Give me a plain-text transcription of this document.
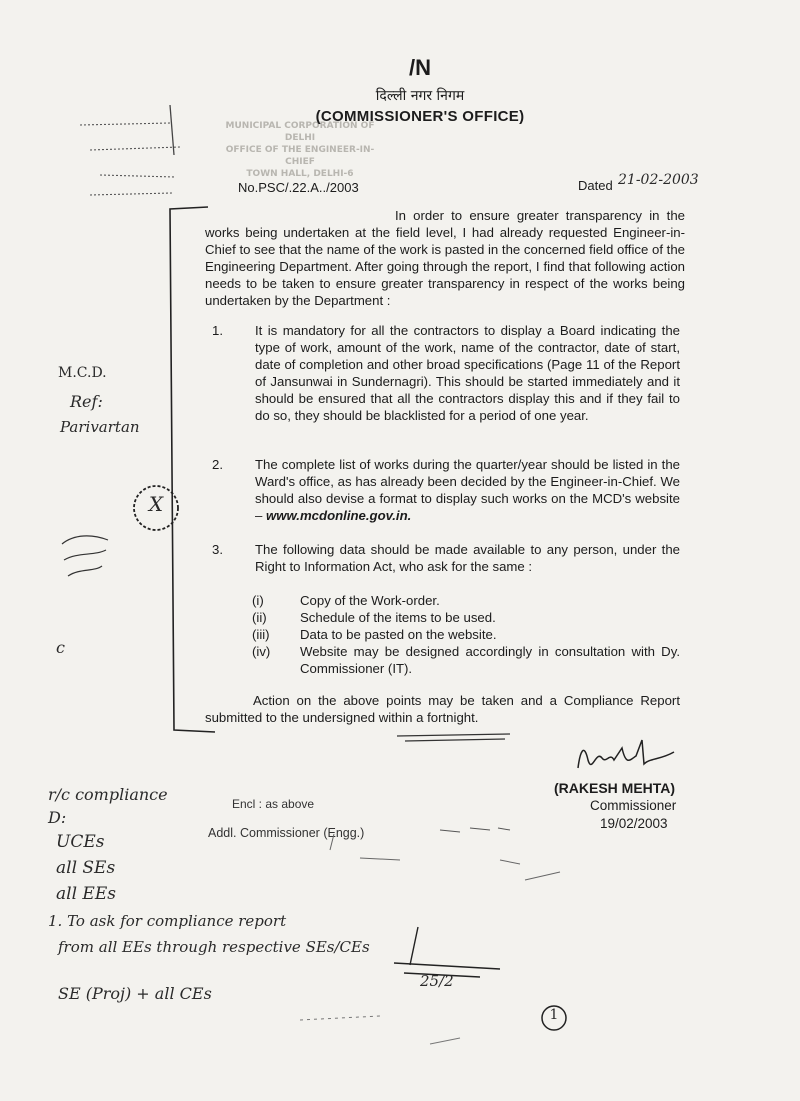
MUNICIPAL CORPORATION OF DELHI
OFFICE OF THE ENGINEER-IN-CHIEF
TOWN HALL, DELHI-6
/N
दिल्ली नगर निगम
(COMMISSIONER'S OFFICE)
No.PSC/.22.A../2003	Dated 21-02-2003
In order to ensure greater transparency in the works being undertaken at the field level, I had already requested Engineer-in-Chief to see that the name of the work is pasted in the concerned field office of the Engineering Department. After going through the report, I find that following action needs to be taken to ensure greater transparency in respect of the works being undertaken by the Department :
1. It is mandatory for all the contractors to display a Board indicating the type of work, amount of the work, name of the contractor, date of start, date of completion and other broad specifications (Page 11 of the Report of Jansunwai in Sundernagri). This should be started immediately and it should be ensured that all the contractors display this and if they fail to do so, they should be blacklisted for a period of one year.
2. The complete list of works during the quarter/year should be listed in the Ward's office, as has already been decided by the Engineer-in-Chief. We should also devise a format to display such works on the MCD's website – www.mcdonline.gov.in.
3. The following data should be made available to any person, under the Right to Information Act, who ask for the same :
(i)	Copy of the Work-order.
(ii)	Schedule of the items to be used.
(iii) Data to be pasted on the website.
(iv) Website may be designed accordingly in consultation with Dy. Commissioner (IT).
Action on the above points may be taken and a Compliance Report submitted to the undersigned within a fortnight.
(RAKESH MEHTA)
Commissioner
19/02/2003
Encl : as above
Addl. Commissioner (Engg.)
M.C.D.
Ref:
Parivartan
X
r/c compliance
D:
UCEs
all SEs
all EEs
1. To ask for compliance report
from all EEs through respective SEs/CEs
SE (Proj) + all CEs
25/2
1
c
